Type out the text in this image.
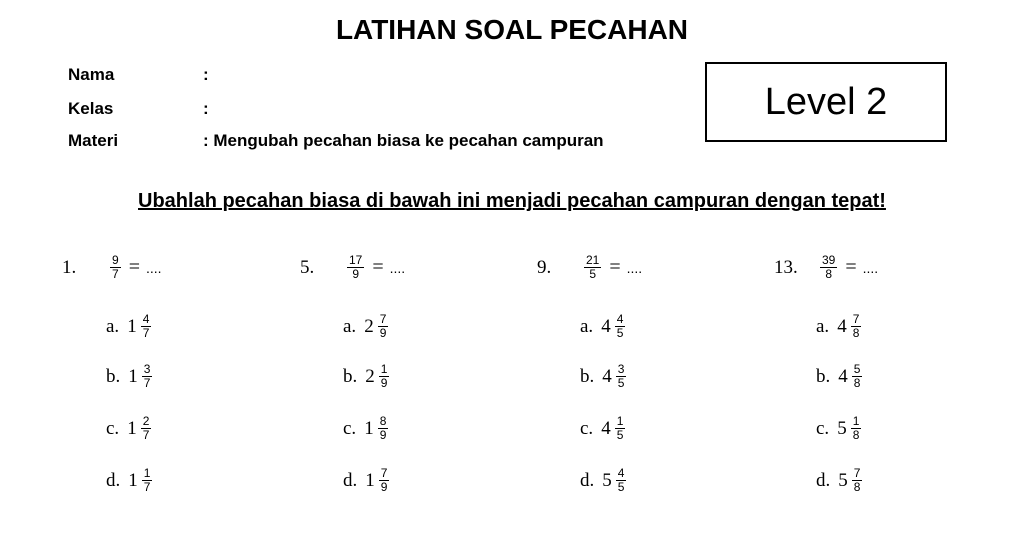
LATIHAN SOAL PECAHAN
Nama	:
Kelas	:
Materi	: Mengubah pecahan biasa ke pecahan campuran
Level 2
Ubahlah pecahan biasa di bawah ini menjadi pecahan campuran dengan tepat!
1.	$\frac{9}{7}$ = ....
a. $1 \frac{4}{7}$
b. $1 \frac{3}{7}$
c. $1 \frac{2}{7}$
d. $1 \frac{1}{7}$
5.	$\frac{17}{9}$ = ....
a. $2 \frac{7}{9}$
b. $2 \frac{1}{9}$
c. $1 \frac{8}{9}$
d. $1 \frac{7}{9}$
9.	$\frac{21}{5}$ = ....
a. $4 \frac{4}{5}$
b. $4 \frac{3}{5}$
c. $4 \frac{1}{5}$
d. $5 \frac{4}{5}$
13.	$\frac{39}{8}$ = ....
a. $4 \frac{7}{8}$
b. $4 \frac{5}{8}$
c. $5 \frac{1}{8}$
d. $5 \frac{7}{8}$
